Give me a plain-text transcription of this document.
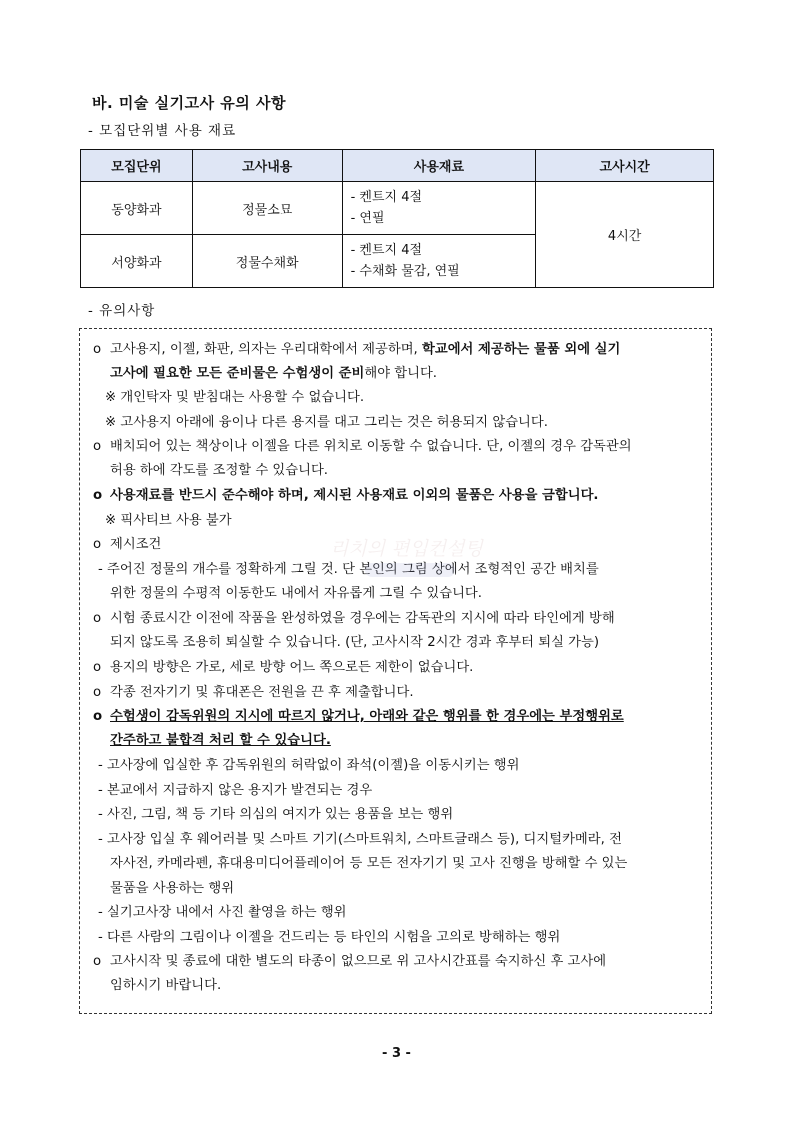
바. 미술 실기고사 유의 사항
- 모집단위별 사용 재료
모집단위	고사내용	사용재료	고사시간
동양화과	정물소묘	- 켄트지 4절
- 연필	4시간
서양화과	정물수채화	- 켄트지 4절
- 수채화 물감, 연필	
- 유의사항
o 고사용지, 이젤, 화판, 의자는 우리대학에서 제공하며, 학교에서 제공하는 물품 외에 실기
고사에 필요한 모든 준비물은 수험생이 준비해야 합니다.
※ 개인탁자 및 받침대는 사용할 수 없습니다.
※ 고사용지 아래에 융이나 다른 용지를 대고 그리는 것은 허용되지 않습니다.
o 배치되어 있는 책상이나 이젤을 다른 위치로 이동할 수 없습니다. 단, 이젤의 경우 감독관의
허용 하에 각도를 조정할 수 있습니다.
o 사용재료를 반드시 준수해야 하며, 제시된 사용재료 이외의 물품은 사용을 금합니다.
※ 픽사티브 사용 불가
o 제시조건
- 주어진 정물의 개수를 정확하게 그릴 것. 단 본인의 그림 상에서 조형적인 공간 배치를
위한 정물의 수평적 이동한도 내에서 자유롭게 그릴 수 있습니다.
o 시험 종료시간 이전에 작품을 완성하였을 경우에는 감독관의 지시에 따라 타인에게 방해
되지 않도록 조용히 퇴실할 수 있습니다. (단, 고사시작 2시간 경과 후부터 퇴실 가능)
o 용지의 방향은 가로, 세로 방향 어느 쪽으로든 제한이 없습니다.
o 각종 전자기기 및 휴대폰은 전원을 끈 후 제출합니다.
o 수험생이 감독위원의 지시에 따르지 않거나, 아래와 같은 행위를 한 경우에는 부정행위로
간주하고 불합격 처리 할 수 있습니다.
- 고사장에 입실한 후 감독위원의 허락없이 좌석(이젤)을 이동시키는 행위
- 본교에서 지급하지 않은 용지가 발견되는 경우
- 사진, 그림, 책 등 기타 의심의 여지가 있는 용품을 보는 행위
- 고사장 입실 후 웨어러블 및 스마트 기기(스마트워치, 스마트글래스 등), 디지털카메라, 전
자사전, 카메라펜, 휴대용미디어플레이어 등 모든 전자기기 및 고사 진행을 방해할 수 있는
물품을 사용하는 행위
- 실기고사장 내에서 사진 촬영을 하는 행위
- 다른 사람의 그림이나 이젤을 건드리는 등 타인의 시험을 고의로 방해하는 행위
o 고사시작 및 종료에 대한 별도의 타종이 없으므로 위 고사시간표를 숙지하신 후 고사에
임하시기 바랍니다.
리치의 편입컨설팅
- 3 -
